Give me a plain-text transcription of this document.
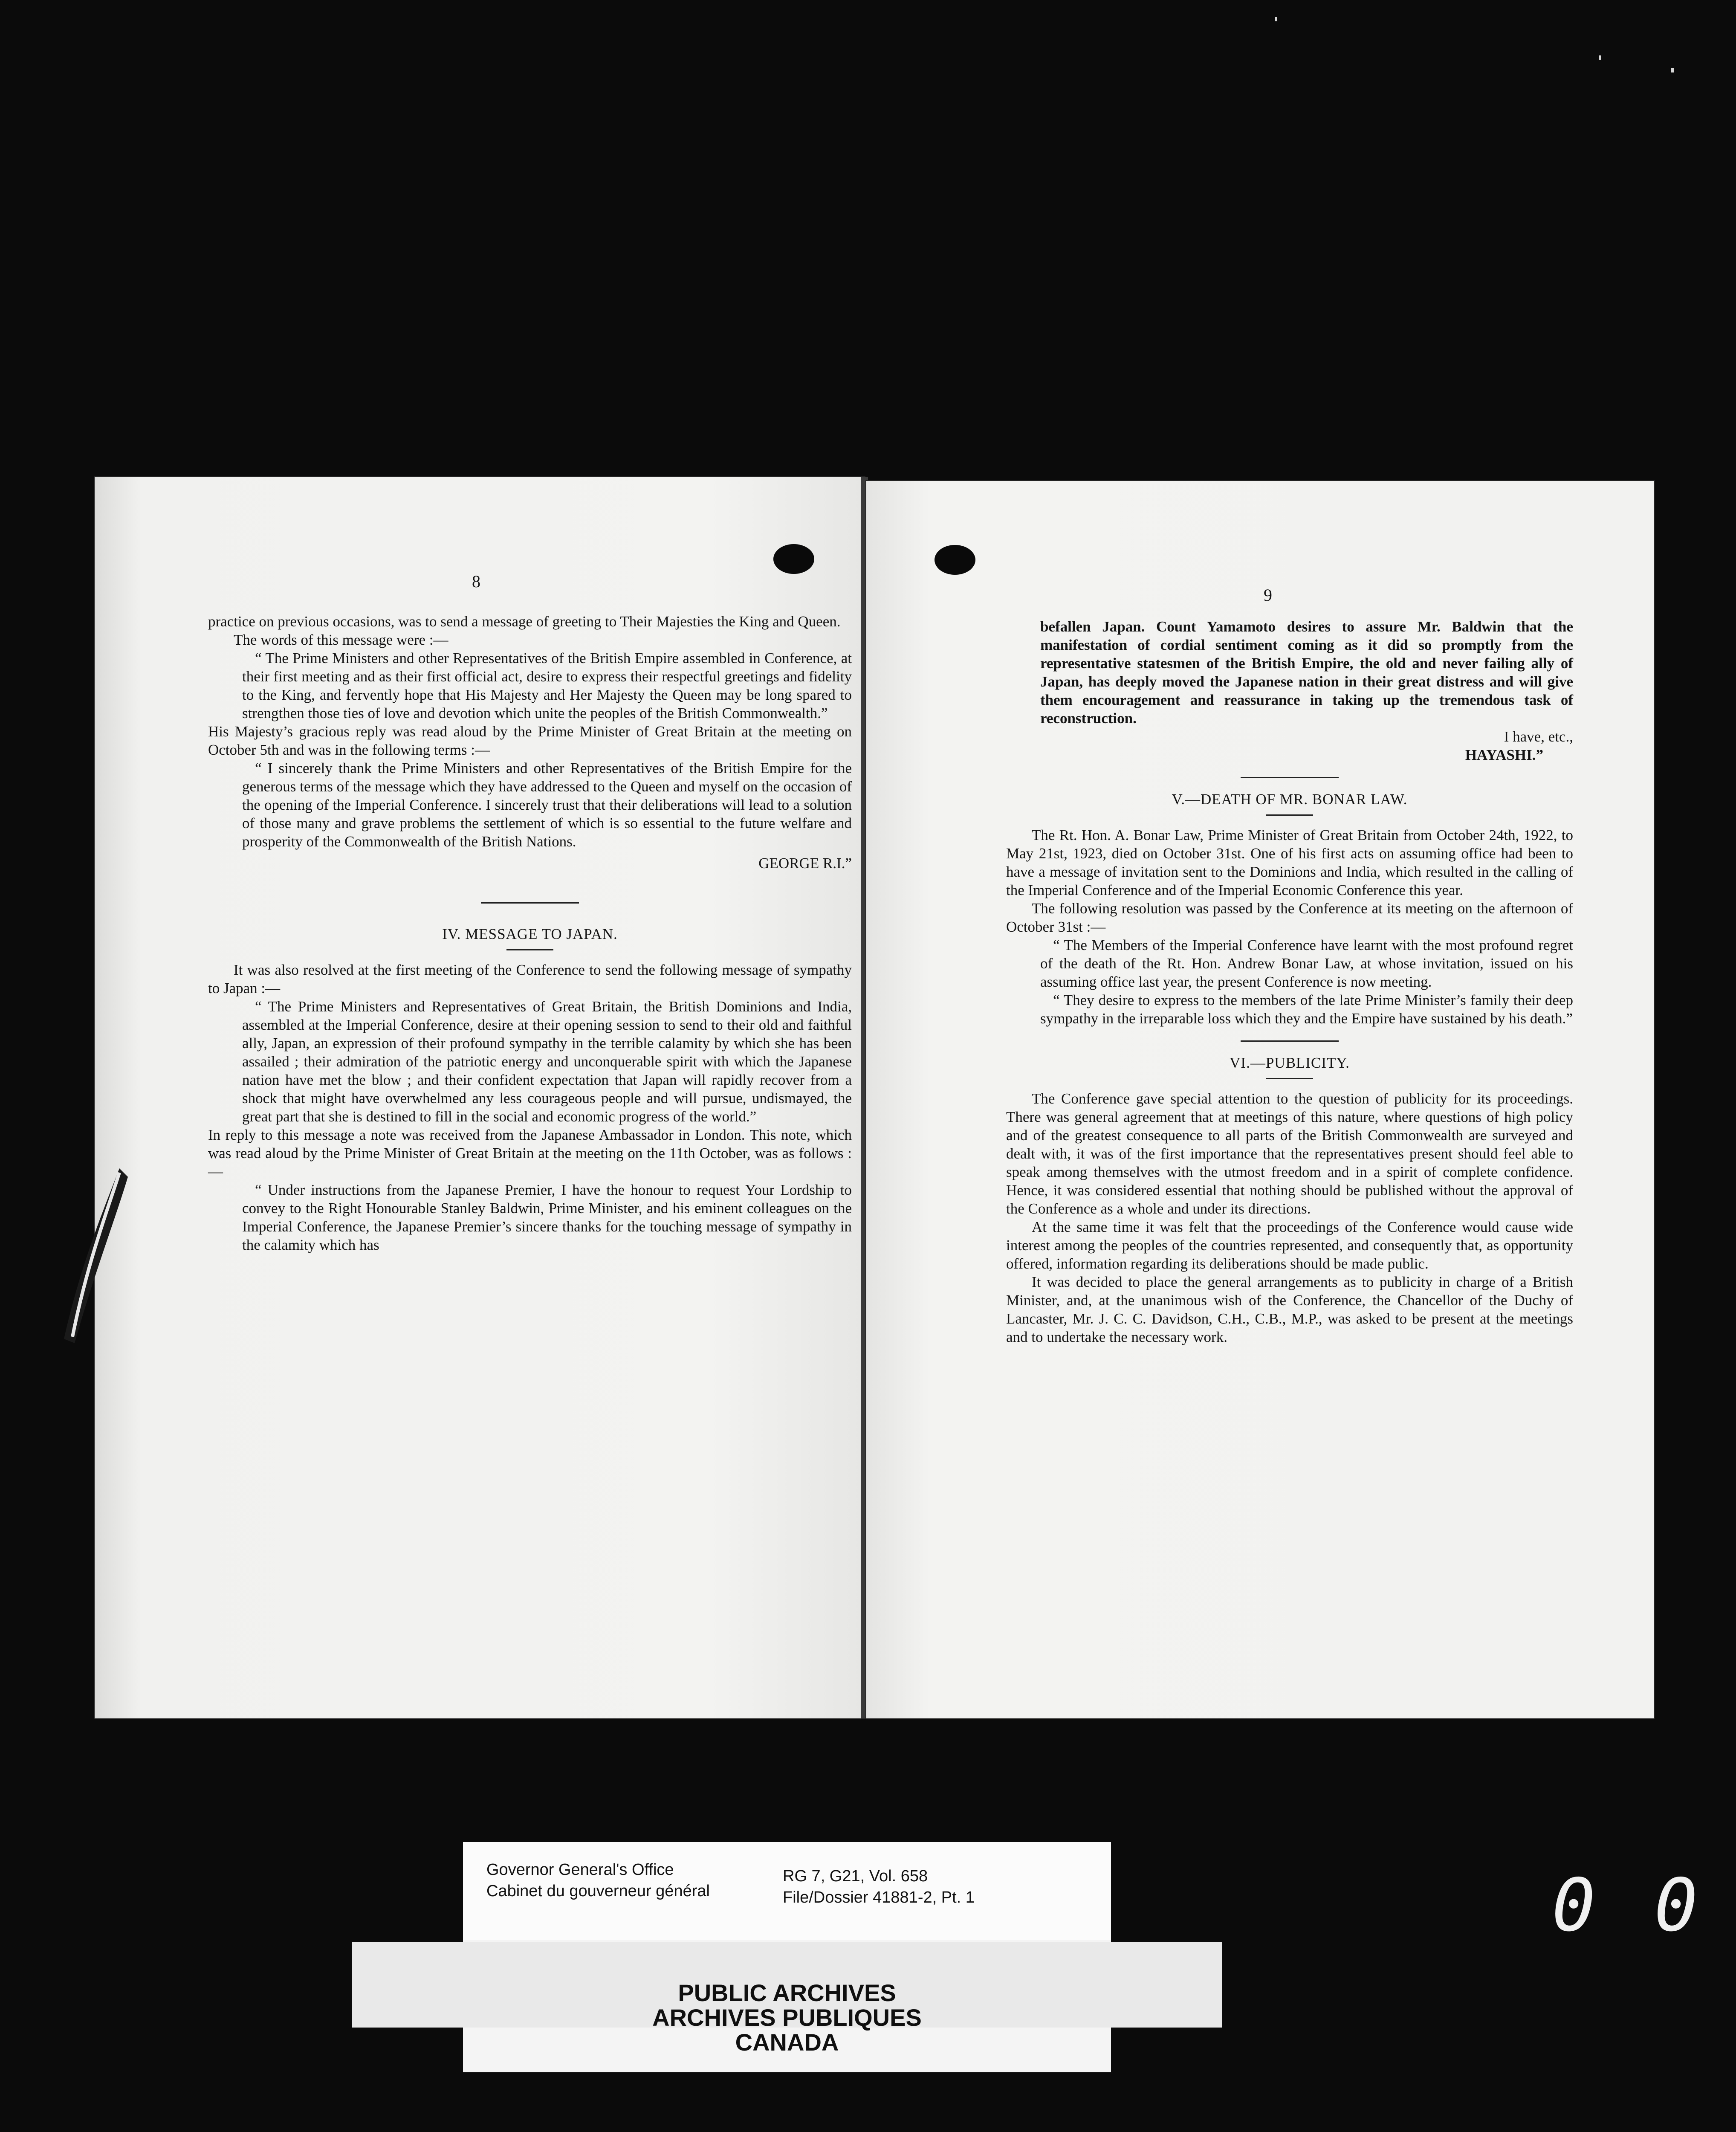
8

practice on previous occasions, was to send a message of greeting to Their Majesties the King and Queen.

The words of this message were :—

“ The Prime Ministers and other Representatives of the British Empire assembled in Conference, at their first meeting and as their first official act, desire to express their respectful greetings and fidelity to the King, and fervently hope that His Majesty and Her Majesty the Queen may be long spared to strengthen those ties of love and devotion which unite the peoples of the British Commonwealth.”

His Majesty’s gracious reply was read aloud by the Prime Minister of Great Britain at the meeting on October 5th and was in the following terms :—

“ I sincerely thank the Prime Ministers and other Representatives of the British Empire for the generous terms of the message which they have addressed to the Queen and myself on the occasion of the opening of the Imperial Conference. I sincerely trust that their deliberations will lead to a solution of those many and grave problems the settlement of which is so essential to the future welfare and prosperity of the Commonwealth of the British Nations.

GEORGE R.I.”

IV. MESSAGE TO JAPAN.

It was also resolved at the first meeting of the Conference to send the following message of sympathy to Japan :—

“ The Prime Ministers and Representatives of Great Britain, the British Dominions and India, assembled at the Imperial Conference, desire at their opening session to send to their old and faithful ally, Japan, an expression of their profound sympathy in the terrible calamity by which she has been assailed ; their admiration of the patriotic energy and unconquerable spirit with which the Japanese nation have met the blow ; and their confident expectation that Japan will rapidly recover from a shock that might have overwhelmed any less courageous people and will pursue, undismayed, the great part that she is destined to fill in the social and economic progress of the world.”

In reply to this message a note was received from the Japanese Ambassador in London. This note, which was read aloud by the Prime Minister of Great Britain at the meeting on the 11th October, was as follows :—

“ Under instructions from the Japanese Premier, I have the honour to request Your Lordship to convey to the Right Honourable Stanley Baldwin, Prime Minister, and his eminent colleagues on the Imperial Conference, the Japanese Premier’s sincere thanks for the touching message of sympathy in the calamity which has

9

befallen Japan. Count Yamamoto desires to assure Mr. Baldwin that the manifestation of cordial sentiment coming as it did so promptly from the representative statesmen of the British Empire, the old and never failing ally of Japan, has deeply moved the Japanese nation in their great distress and will give them encouragement and reassurance in taking up the tremendous task of reconstruction.

I have, etc.,

HAYASHI.”

V.—DEATH OF MR. BONAR LAW.

The Rt. Hon. A. Bonar Law, Prime Minister of Great Britain from October 24th, 1922, to May 21st, 1923, died on October 31st. One of his first acts on assuming office had been to have a message of invitation sent to the Dominions and India, which resulted in the calling of the Imperial Conference and of the Imperial Economic Conference this year.

The following resolution was passed by the Conference at its meeting on the afternoon of October 31st :—

“ The Members of the Imperial Conference have learnt with the most profound regret of the death of the Rt. Hon. Andrew Bonar Law, at whose invitation, issued on his assuming office last year, the present Conference is now meeting.

“ They desire to express to the members of the late Prime Minister’s family their deep sympathy in the irreparable loss which they and the Empire have sustained by his death.”

VI.—PUBLICITY.

The Conference gave special attention to the question of publicity for its proceedings. There was general agreement that at meetings of this nature, where questions of high policy and of the greatest consequence to all parts of the British Commonwealth are surveyed and dealt with, it was of the first importance that the representatives present should feel able to speak among themselves with the utmost freedom and in a spirit of complete confidence. Hence, it was considered essential that nothing should be published without the approval of the Conference as a whole and under its directions.

At the same time it was felt that the proceedings of the Conference would cause wide interest among the peoples of the countries represented, and consequently that, as opportunity offered, information regarding its deliberations should be made public.

It was decided to place the general arrangements as to publicity in charge of a British Minister, and, at the unanimous wish of the Conference, the Chancellor of the Duchy of Lancaster, Mr. J. C. C. Davidson, C.H., C.B., M.P., was asked to be present at the meetings and to undertake the necessary work.

Governor General's Office
Cabinet du gouverneur général
RG 7, G21, Vol. 658
File/Dossier 41881-2, Pt. 1
PUBLIC ARCHIVES
ARCHIVES PUBLIQUES
CANADA
0 0
